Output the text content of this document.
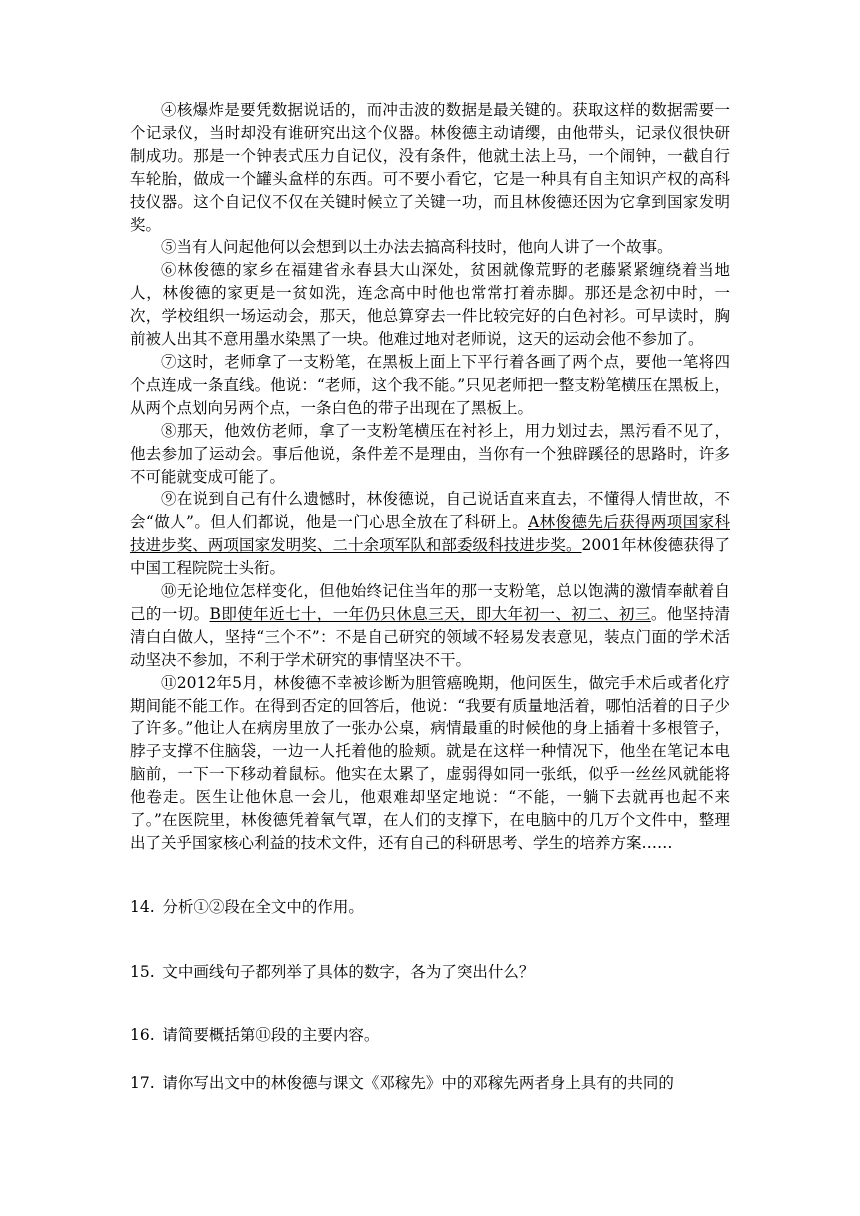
④核爆炸是要凭数据说话的，而冲击波的数据是最关键的。获取这样的数据需要一个记录仪，当时却没有谁研究出这个仪器。林俊德主动请缨，由他带头，记录仪很快研制成功。那是一个钟表式压力自记仪，没有条件，他就土法上马，一个闹钟，一截自行车轮胎，做成一个罐头盒样的东西。可不要小看它，它是一种具有自主知识产权的高科技仪器。这个自记仪不仅在关键时候立了关键一功，而且林俊德还因为它拿到国家发明奖。

⑤当有人问起他何以会想到以土办法去搞高科技时，他向人讲了一个故事。

⑥林俊德的家乡在福建省永春县大山深处，贫困就像荒野的老藤紧紧缠绕着当地人，林俊德的家更是一贫如洗，连念高中时他也常常打着赤脚。那还是念初中时，一次，学校组织一场运动会，那天，他总算穿去一件比较完好的白色衬衫。可早读时，胸前被人出其不意用墨水染黑了一块。他难过地对老师说，这天的运动会他不参加了。

⑦这时，老师拿了一支粉笔，在黑板上面上下平行着各画了两个点，要他一笔将四个点连成一条直线。他说：“老师，这个我不能。”只见老师把一整支粉笔横压在黑板上，从两个点划向另两个点，一条白色的带子出现在了黑板上。

⑧那天，他效仿老师，拿了一支粉笔横压在衬衫上，用力划过去，黑污看不见了，他去参加了运动会。事后他说，条件差不是理由，当你有一个独辟蹊径的思路时，许多不可能就变成可能了。

⑨在说到自己有什么遗憾时，林俊德说，自己说话直来直去，不懂得人情世故，不会“做人”。但人们都说，他是一门心思全放在了科研上。A林俊德先后获得两项国家科技进步奖、两项国家发明奖、二十余项军队和部委级科技进步奖。2001年林俊德获得了中国工程院院士头衔。

⑩无论地位怎样变化，但他始终记住当年的那一支粉笔，总以饱满的激情奉献着自己的一切。B即使年近七十，一年仍只休息三天，即大年初一、初二、初三。他坚持清清白白做人，坚持“三个不”：不是自己研究的领域不轻易发表意见，装点门面的学术活动坚决不参加，不利于学术研究的事情坚决不干。

⑪2012年5月，林俊德不幸被诊断为胆管癌晚期，他问医生，做完手术后或者化疗期间能不能工作。在得到否定的回答后，他说：“我要有质量地活着，哪怕活着的日子少了许多。”他让人在病房里放了一张办公桌，病情最重的时候他的身上插着十多根管子，脖子支撑不住脑袋，一边一人托着他的脸颊。就是在这样一种情况下，他坐在笔记本电脑前，一下一下移动着鼠标。他实在太累了，虚弱得如同一张纸，似乎一丝丝风就能将他卷走。医生让他休息一会儿，他艰难却坚定地说：“不能，一躺下去就再也起不来了。”在医院里，林俊德凭着氧气罩，在人们的支撑下，在电脑中的几万个文件中，整理出了关乎国家核心利益的技术文件，还有自己的科研思考、学生的培养方案……

14. 分析①②段在全文中的作用。

15. 文中画线句子都列举了具体的数字，各为了突出什么？

16. 请简要概括第⑪段的主要内容。

17. 请你写出文中的林俊德与课文《邓稼先》中的邓稼先两者身上具有的共同的
